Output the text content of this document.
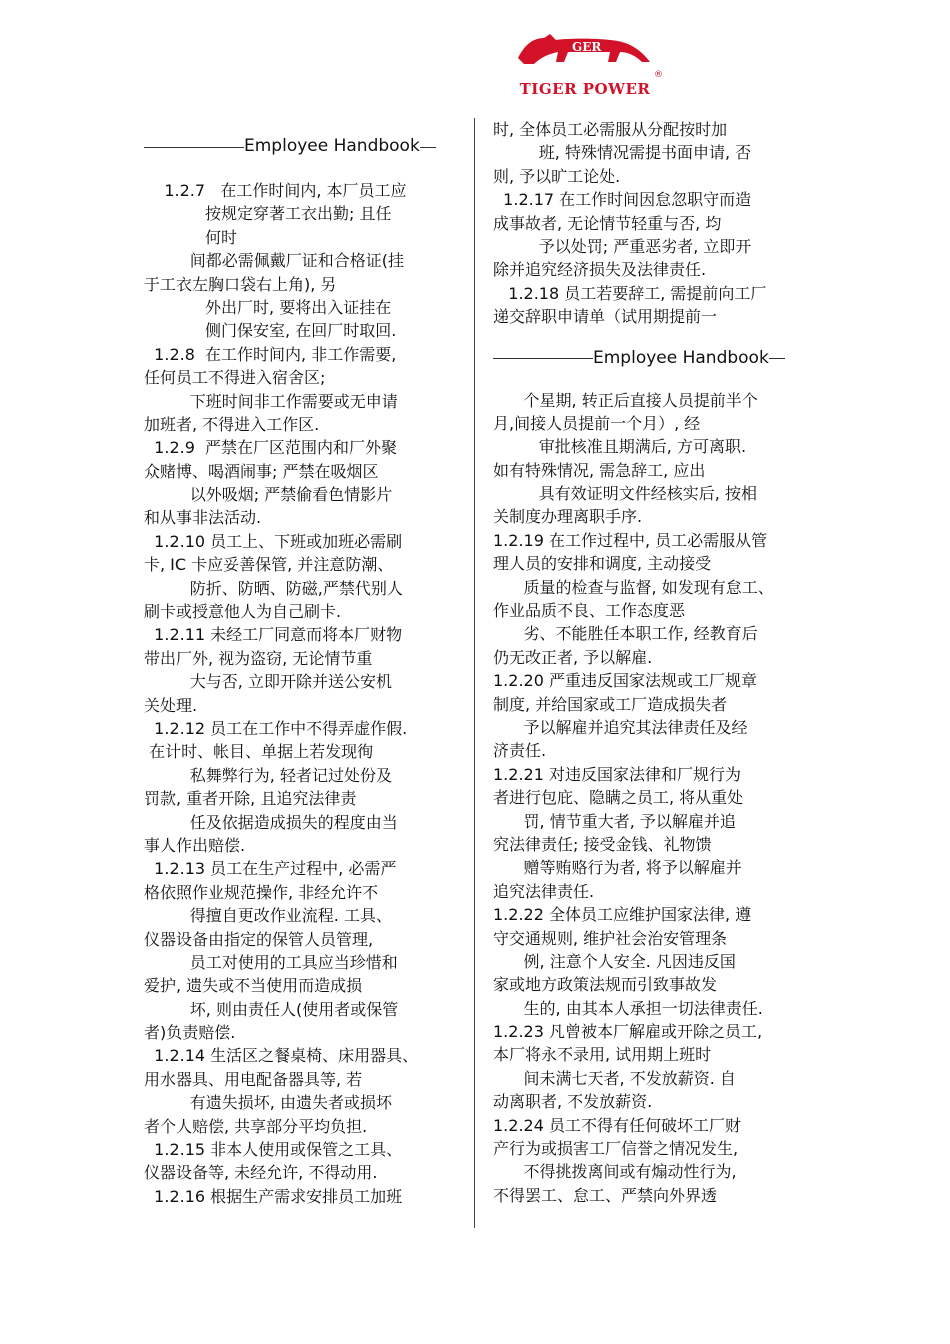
GER
TIGER POWER
®
Employee Handbook
1.2.7   在工作时间内, 本厂员工应
按规定穿著工衣出勤; 且任
何时
间都必需佩戴厂证和合格证(挂
于工衣左胸口袋右上角), 另
外出厂时, 要将出入证挂在
侧门保安室, 在回厂时取回.
1.2.8  在工作时间内, 非工作需要,
任何员工不得进入宿舍区;
下班时间非工作需要或无申请
加班者, 不得进入工作区.
1.2.9  严禁在厂区范围内和厂外聚
众赌博、喝酒闹事; 严禁在吸烟区
以外吸烟; 严禁偷看色情影片
和从事非法活动.
1.2.10 员工上、下班或加班必需刷
卡, IC 卡应妥善保管, 并注意防潮、
防折、防晒、防磁,严禁代别人
刷卡或授意他人为自己刷卡.
1.2.11 未经工厂同意而将本厂财物
带出厂外, 视为盗窃, 无论情节重
大与否, 立即开除并送公安机
关处理.
1.2.12 员工在工作中不得弄虚作假.
在计时、帐目、单据上若发现徇
私舞弊行为, 轻者记过处份及
罚款, 重者开除, 且追究法律责
任及依据造成损失的程度由当
事人作出赔偿.
1.2.13 员工在生产过程中, 必需严
格依照作业规范操作, 非经允许不
得擅自更改作业流程. 工具、
仪器设备由指定的保管人员管理,
员工对使用的工具应当珍惜和
爱护, 遗失或不当使用而造成损
坏, 则由责任人(使用者或保管
者)负责赔偿.
1.2.14 生活区之餐桌椅、床用器具、
用水器具、用电配备器具等, 若
有遗失损坏, 由遗失者或损坏
者个人赔偿, 共享部分平均负担.
1.2.15 非本人使用或保管之工具、
仪器设备等, 未经允许, 不得动用.
1.2.16 根据生产需求安排员工加班
时, 全体员工必需服从分配按时加
班, 特殊情况需提书面申请, 否
则, 予以旷工论处.
1.2.17 在工作时间因怠忽职守而造
成事故者, 无论情节轻重与否, 均
予以处罚; 严重恶劣者, 立即开
除并追究经济损失及法律责任.
1.2.18 员工若要辞工, 需提前向工厂
递交辞职申请单（试用期提前一
Employee Handbook
个星期, 转正后直接人员提前半个
月,间接人员提前一个月）, 经
审批核准且期满后, 方可离职.
如有特殊情况, 需急辞工, 应出
具有效证明文件经核实后, 按相
关制度办理离职手序.
1.2.19 在工作过程中, 员工必需服从管
理人员的安排和调度, 主动接受
质量的检查与监督, 如发现有怠工、
作业品质不良、工作态度恶
劣、不能胜任本职工作, 经教育后
仍无改正者, 予以解雇.
1.2.20 严重违反国家法规或工厂规章
制度, 并给国家或工厂造成损失者
予以解雇并追究其法律责任及经
济责任.
1.2.21 对违反国家法律和厂规行为
者进行包庇、隐瞒之员工, 将从重处
罚, 情节重大者, 予以解雇并追
究法律责任; 接受金钱、礼物馈
赠等贿赂行为者, 将予以解雇并
追究法律责任.
1.2.22 全体员工应维护国家法律, 遵
守交通规则, 维护社会治安管理条
例, 注意个人安全. 凡因违反国
家或地方政策法规而引致事故发
生的, 由其本人承担一切法律责任.
1.2.23 凡曾被本厂解雇或开除之员工,
本厂将永不录用, 试用期上班时
间未满七天者, 不发放薪资. 自
动离职者, 不发放薪资.
1.2.24 员工不得有任何破坏工厂财
产行为或损害工厂信誉之情况发生,
不得挑拨离间或有煽动性行为,
不得罢工、怠工、严禁向外界透
